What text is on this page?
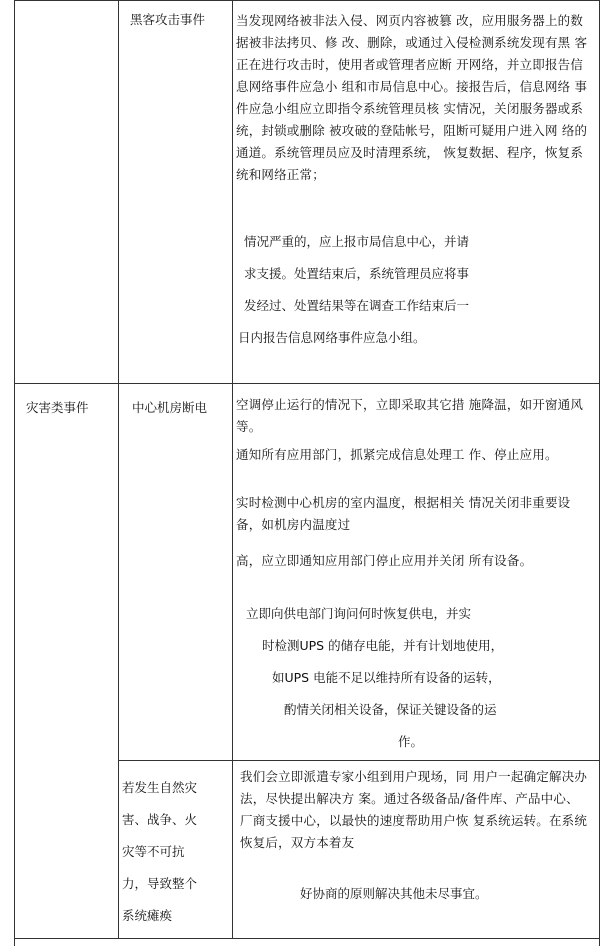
黑客攻击事件 当发现网络被非法入侵、网页内容被篡 改，应用服务器上的数据被非法拷贝、修 改、删除，或通过入侵检测系统发现有黑 客正在进行攻击时，使用者或管理者应断 开网络，并立即报告信息网络事件应急小 组和市局信息中心。接报告后，信息网络 事件应急小组应立即指令系统管理员核 实情况，关闭服务器或系统，封锁或删除 被攻破的登陆帐号，阻断可疑用户进入网 络的通道。系统管理员应及时清理系统， 恢复数据、程序，恢复系统和网络正常；
情况严重的，应上报市局信息中心，并请
求支援。处置结束后，系统管理员应将事
发经过、处置结果等在调查工作结束后一
日内报告信息网络事件应急小组。
灾害类事件	中心机房断电 空调停止运行的情况下，立即采取其它措 施降温，如开窗通风等。
通知所有应用部门，抓紧完成信息处理工 作、停止应用。
实时检测中心机房的室内温度，根据相关 情况关闭非重要设备，如机房内温度过
高，应立即通知应用部门停止应用并关闭 所有设备。
立即向供电部门询问何时恢复供电，并实
时检测UPS 的储存电能，并有计划地使用，
如UPS 电能不足以维持所有设备的运转，
酌情关闭相关设备，保证关键设备的运
作。
若发生自然灾
害、战争、火
灾等不可抗
力，导致整个
系统瘫痪
我们会立即派遣专家小组到用户现场，同 用户一起确定解决办法，尽快提出解决方 案。通过各级备品/备件库、产品中心、 厂商支援中心，以最快的速度帮助用户恢 复系统运转。在系统恢复后，双方本着友
好协商的原则解决其他未尽事宜。
